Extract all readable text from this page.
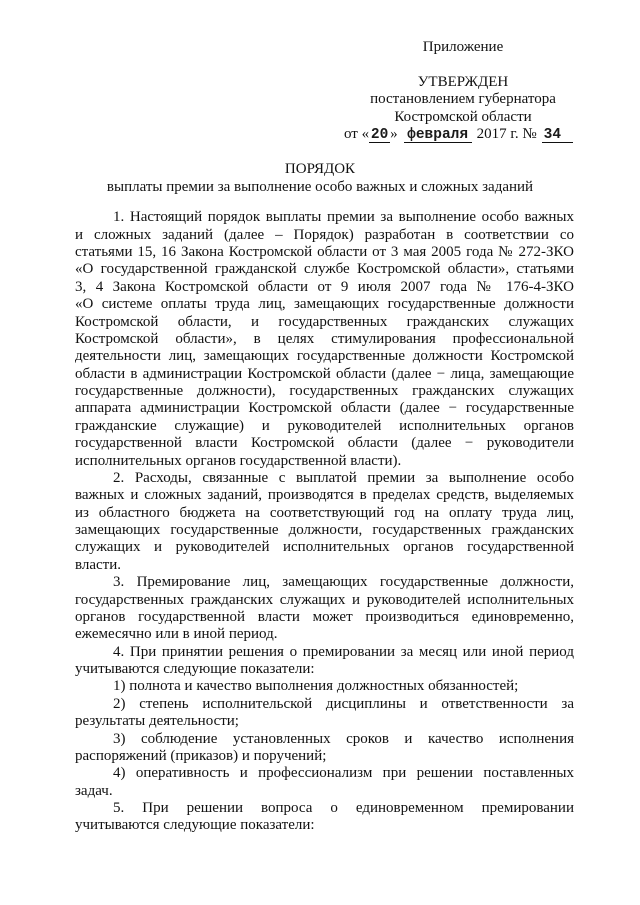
Приложение
УТВЕРЖДЕН
постановлением губернатора
Костромской области
от « 20 » февраля 2017 г. № 34
ПОРЯДОК
выплаты премии за выполнение особо важных и сложных заданий
1. Настоящий порядок выплаты премии за выполнение особо важных
и сложных заданий (далее – Порядок) разработан в соответствии со
статьями 15, 16 Закона Костромской области от 3 мая 2005 года № 272-ЗКО
«О государственной гражданской службе Костромской области», статьями
3, 4 Закона Костромской области от 9 июля 2007 года № 176-4-ЗКО
«О системе оплаты труда лиц, замещающих государственные должности
Костромской области, и государственных гражданских служащих
Костромской области», в целях стимулирования профессиональной
деятельности лиц, замещающих государственные должности Костромской
области в администрации Костромской области (далее − лица, замещающие
государственные должности), государственных гражданских служащих
аппарата администрации Костромской области (далее − государственные
гражданские служащие) и руководителей исполнительных органов
государственной власти Костромской области (далее − руководители
исполнительных органов государственной власти).
2. Расходы, связанные с выплатой премии за выполнение особо
важных и сложных заданий, производятся в пределах средств, выделяемых
из областного бюджета на соответствующий год на оплату труда лиц,
замещающих государственные должности, государственных гражданских
служащих и руководителей исполнительных органов государственной
власти.
3. Премирование лиц, замещающих государственные должности,
государственных гражданских служащих и руководителей исполнительных
органов государственной власти может производиться единовременно,
ежемесячно или в иной период.
4. При принятии решения о премировании за месяц или иной период
учитываются следующие показатели:
1) полнота и качество выполнения должностных обязанностей;
2) степень исполнительской дисциплины и ответственности за
результаты деятельности;
3) соблюдение установленных сроков и качество исполнения
распоряжений (приказов) и поручений;
4) оперативность и профессионализм при решении поставленных
задач.
5. При решении вопроса о единовременном премировании
учитываются следующие показатели:
